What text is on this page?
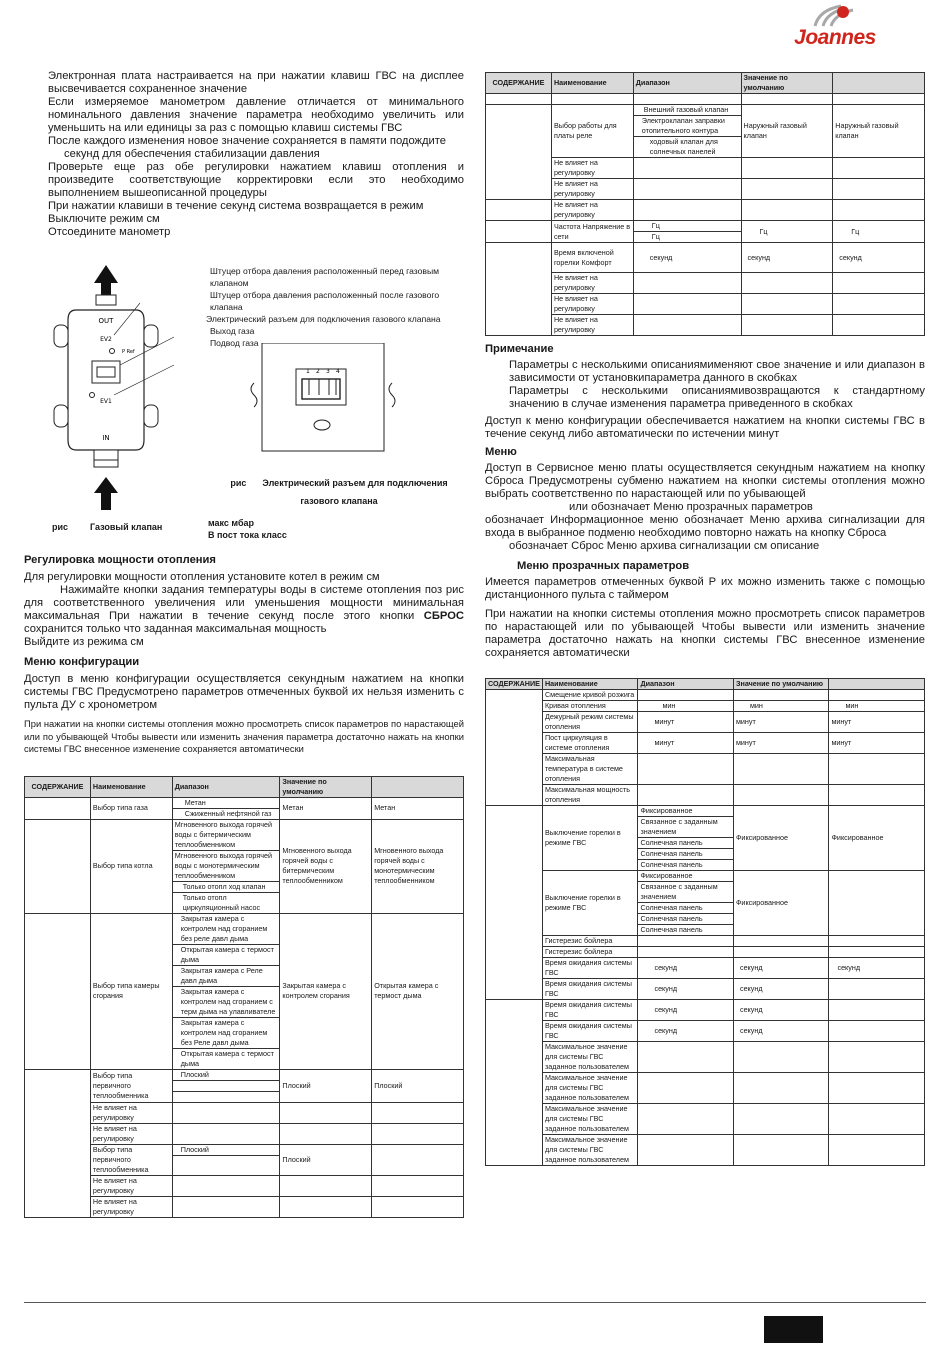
Joannes

Электронная плата настраивается на при нажатии клавиш ГВС на дисплее высвечивается сохраненное значение

Если измеряемое манометром давление отличается от минимального номинального давления значение параметра необходимо увеличить или уменьшить на или единицы за раз с помощью клавиш системы ГВС

После каждого изменения новое значение сохраняется в памяти подождите

секунд для обеспечения стабилизации давления

Проверьте еще раз обе регулировки нажатием клавиш отопления и произведите соответствующие корректировки если это необходимо выполнением вышеописанной процедуры

При нажатии клавиши в течение секунд система возвращается в режим

Выключите режим см

Отсоедините манометр

Штуцер отбора давления расположенный перед газовым клапаном
Штуцер отбора давления расположенный после газового клапана
Электрический разъем для подключения газового клапана
Выход газа
Подвод газа
OUT
EV2
P Ref
EV1
IN
1 2 3 4
рис Электрический разъем для подключения газового клапана
рис Газовый клапан	макс мбар
В пост тока класс
Регулировка мощности отопления

Для регулировки мощности отопления установите котел в режим см

Нажимайте кнопки задания температуры воды в системе отопления поз рис для соответственного увеличения или уменьшения мощности минимальная максимальная При нажатии в течение секунд после этого кнопки СБРОС сохранится только что заданная максимальная мощность

Выйдите из режима см

Меню конфигурации

Доступ в меню конфигурации осуществляется секундным нажатием на кнопки системы ГВС Предусмотрено параметров отмеченных буквой их нельзя изменить с пульта ДУ с хронометром

При нажатии на кнопки системы отопления можно просмотреть список параметров по нарастающей или по убывающей Чтобы вывести или изменить значения параметра достаточно нажать на кнопки системы ГВС внесенное изменение сохраняется автоматически

СОДЕРЖАНИЕ	Наименование	Диапазон	Значение по умолчанию	
	Выбор типа газа	Метан	Метан	Метан
		Сжиженный нефтяной газ		
	Выбор типа котла	Мгновенного выхода горячей воды с битермическим теплообменником	Мгновенного выхода горячей воды с битермическим теплообменником	Мгновенного выхода горячей воды с монотермическим теплообменником
		Мгновенного выхода горячей воды с монотермическим теплообменником		
		Только отопл ход клапан		
		Только отопл циркуляционный насос		
	Выбор типа камеры сгорания	Закрытая камера с контролем над сгоранием без реле давл дыма	Закрытая камера с контролем сгорания	Открытая камера с термост дыма
		Открытая камера с термост дыма		
		Закрытая камера с Реле давл дыма		
		Закрытая камера с контролем над сгоранием с терм дыма на улавливателе		
		Закрытая камера с контролем над сгоранием без Реле давл дыма		
		Открытая камера с термост дыма		
	Выбор типа первичного теплообменника	Плоский	Плоский	Плоский

	Не влияет на регулировку			
	Не влияет на регулировку			
	Выбор типа первичного теплообменника	Плоский	Плоский	

	Не влияет на регулировку			
	Не влияет на регулировку			
СОДЕРЖАНИЕ	Наименование	Диапазон	Значение по умолчанию	

	Выбор работы для платы реле	Внешний газовый клапан	Наружный газовый клапан	Наружный газовый клапан
		Электроклапан заправки отопительного контура		
		ходовый клапан для солнечных панелей		
	Не влияет на регулировку			
	Не влияет на регулировку			
	Не влияет на регулировку			
	Частота Напряжение в сети	Гц	Гц	Гц
		Гц		
	Время включеной горелки Комфорт	секунд	секунд	секунд
	Не влияет на регулировку			
	Не влияет на регулировку			
	Не влияет на регулировку			
Примечание

Параметры с несколькими описаниямименяют свое значение и или диапазон в зависимости от установкипараметра данного в скобках

Параметры с несколькими описаниямивозвращаются к стандартному значению в случае изменения параметра приведенного в скобках

Доступ к меню конфигурации обеспечивается нажатием на кнопки системы ГВС в течение секунд либо автоматически по истечении минут

Меню

Доступ в Сервисное меню платы осуществляется секундным нажатием на кнопку Сброса Предусмотрены субменю нажатием на кнопки системы отопления можно выбрать соответственно по нарастающей или по убывающей

или обозначает Меню прозрачных параметров

обозначает Информационное меню обозначает Меню архива сигнализации для входа в выбранное подменю необходимо повторно нажать на кнопку Сброса

обозначает Сброс Меню архива сигнализации см описание

Меню прозрачных параметров

Имеется параметров отмеченных буквой Р их можно изменить также с помощью дистанционного пульта с таймером

При нажатии на кнопки системы отопления можно просмотреть список параметров по нарастающей или по убывающей Чтобы вывести или изменить значение параметра достаточно нажать на кнопки системы ГВС внесенное изменение сохраняется автоматически

СОДЕРЖАНИЕ	Наименование	Диапазон	Значение по умолчанию	
	Смещение кривой розжига			
	Кривая отопления	мин	мин	мин
	Дежурный режим системы отопления	минут	минут	минут
	Пост циркуляция в системе отопления	минут	минут	минут
	Максимальная температура в системе отопления			
	Максимальная мощность отопления			
	Выключение горелки в режиме ГВС	Фиксированное	Фиксированное	Фиксированное
		Связанное с заданным значением		
		Солнечная панель		
		Солнечная панель		
		Солнечная панель		
	Выключение горелки в режиме ГВС	Фиксированное	Фиксированное	
		Связанное с заданным значением		
		Солнечная панель		
		Солнечная панель		
		Солнечная панель		
	Гистерезис бойлера			
	Гистерезис бойлера			
	Время ожидания системы ГВС	секунд	секунд	секунд
	Время ожидания системы ГВС	секунд	секунд	
	Время ожидания системы ГВС	секунд	секунд	
	Время ожидания системы ГВС	секунд	секунд	
	Максимальное значение для системы ГВС заданное пользователем			
	Максимальное значение для системы ГВС заданное пользователем			
	Максимальное значение для системы ГВС заданное пользователем			
	Максимальное значение для системы ГВС заданное пользователем			
